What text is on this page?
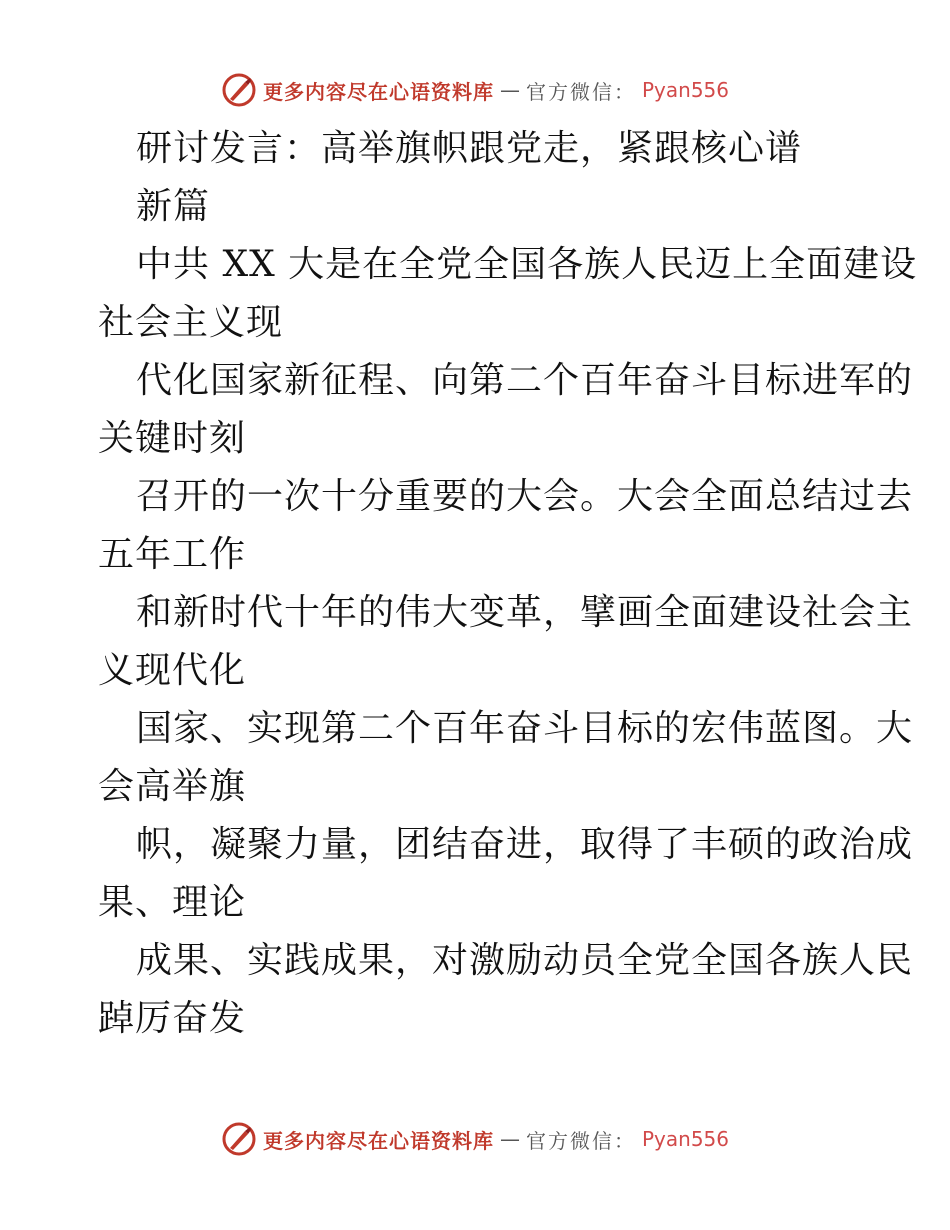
更多内容尽在心语资料库 — 官方微信： Pyan556
研讨发言：高举旗帜跟党走，紧跟核心谱
新篇
中共 XX 大是在全党全国各族人民迈上全面建设
社会主义现
代化国家新征程、向第二个百年奋斗目标进军的
关键时刻
召开的一次十分重要的大会。大会全面总结过去
五年工作
和新时代十年的伟大变革，擘画全面建设社会主
义现代化
国家、实现第二个百年奋斗目标的宏伟蓝图。大
会高举旗
帜，凝聚力量，团结奋进，取得了丰硕的政治成
果、理论
成果、实践成果，对激励动员全党全国各族人民
踔厉奋发
更多内容尽在心语资料库 — 官方微信： Pyan556
